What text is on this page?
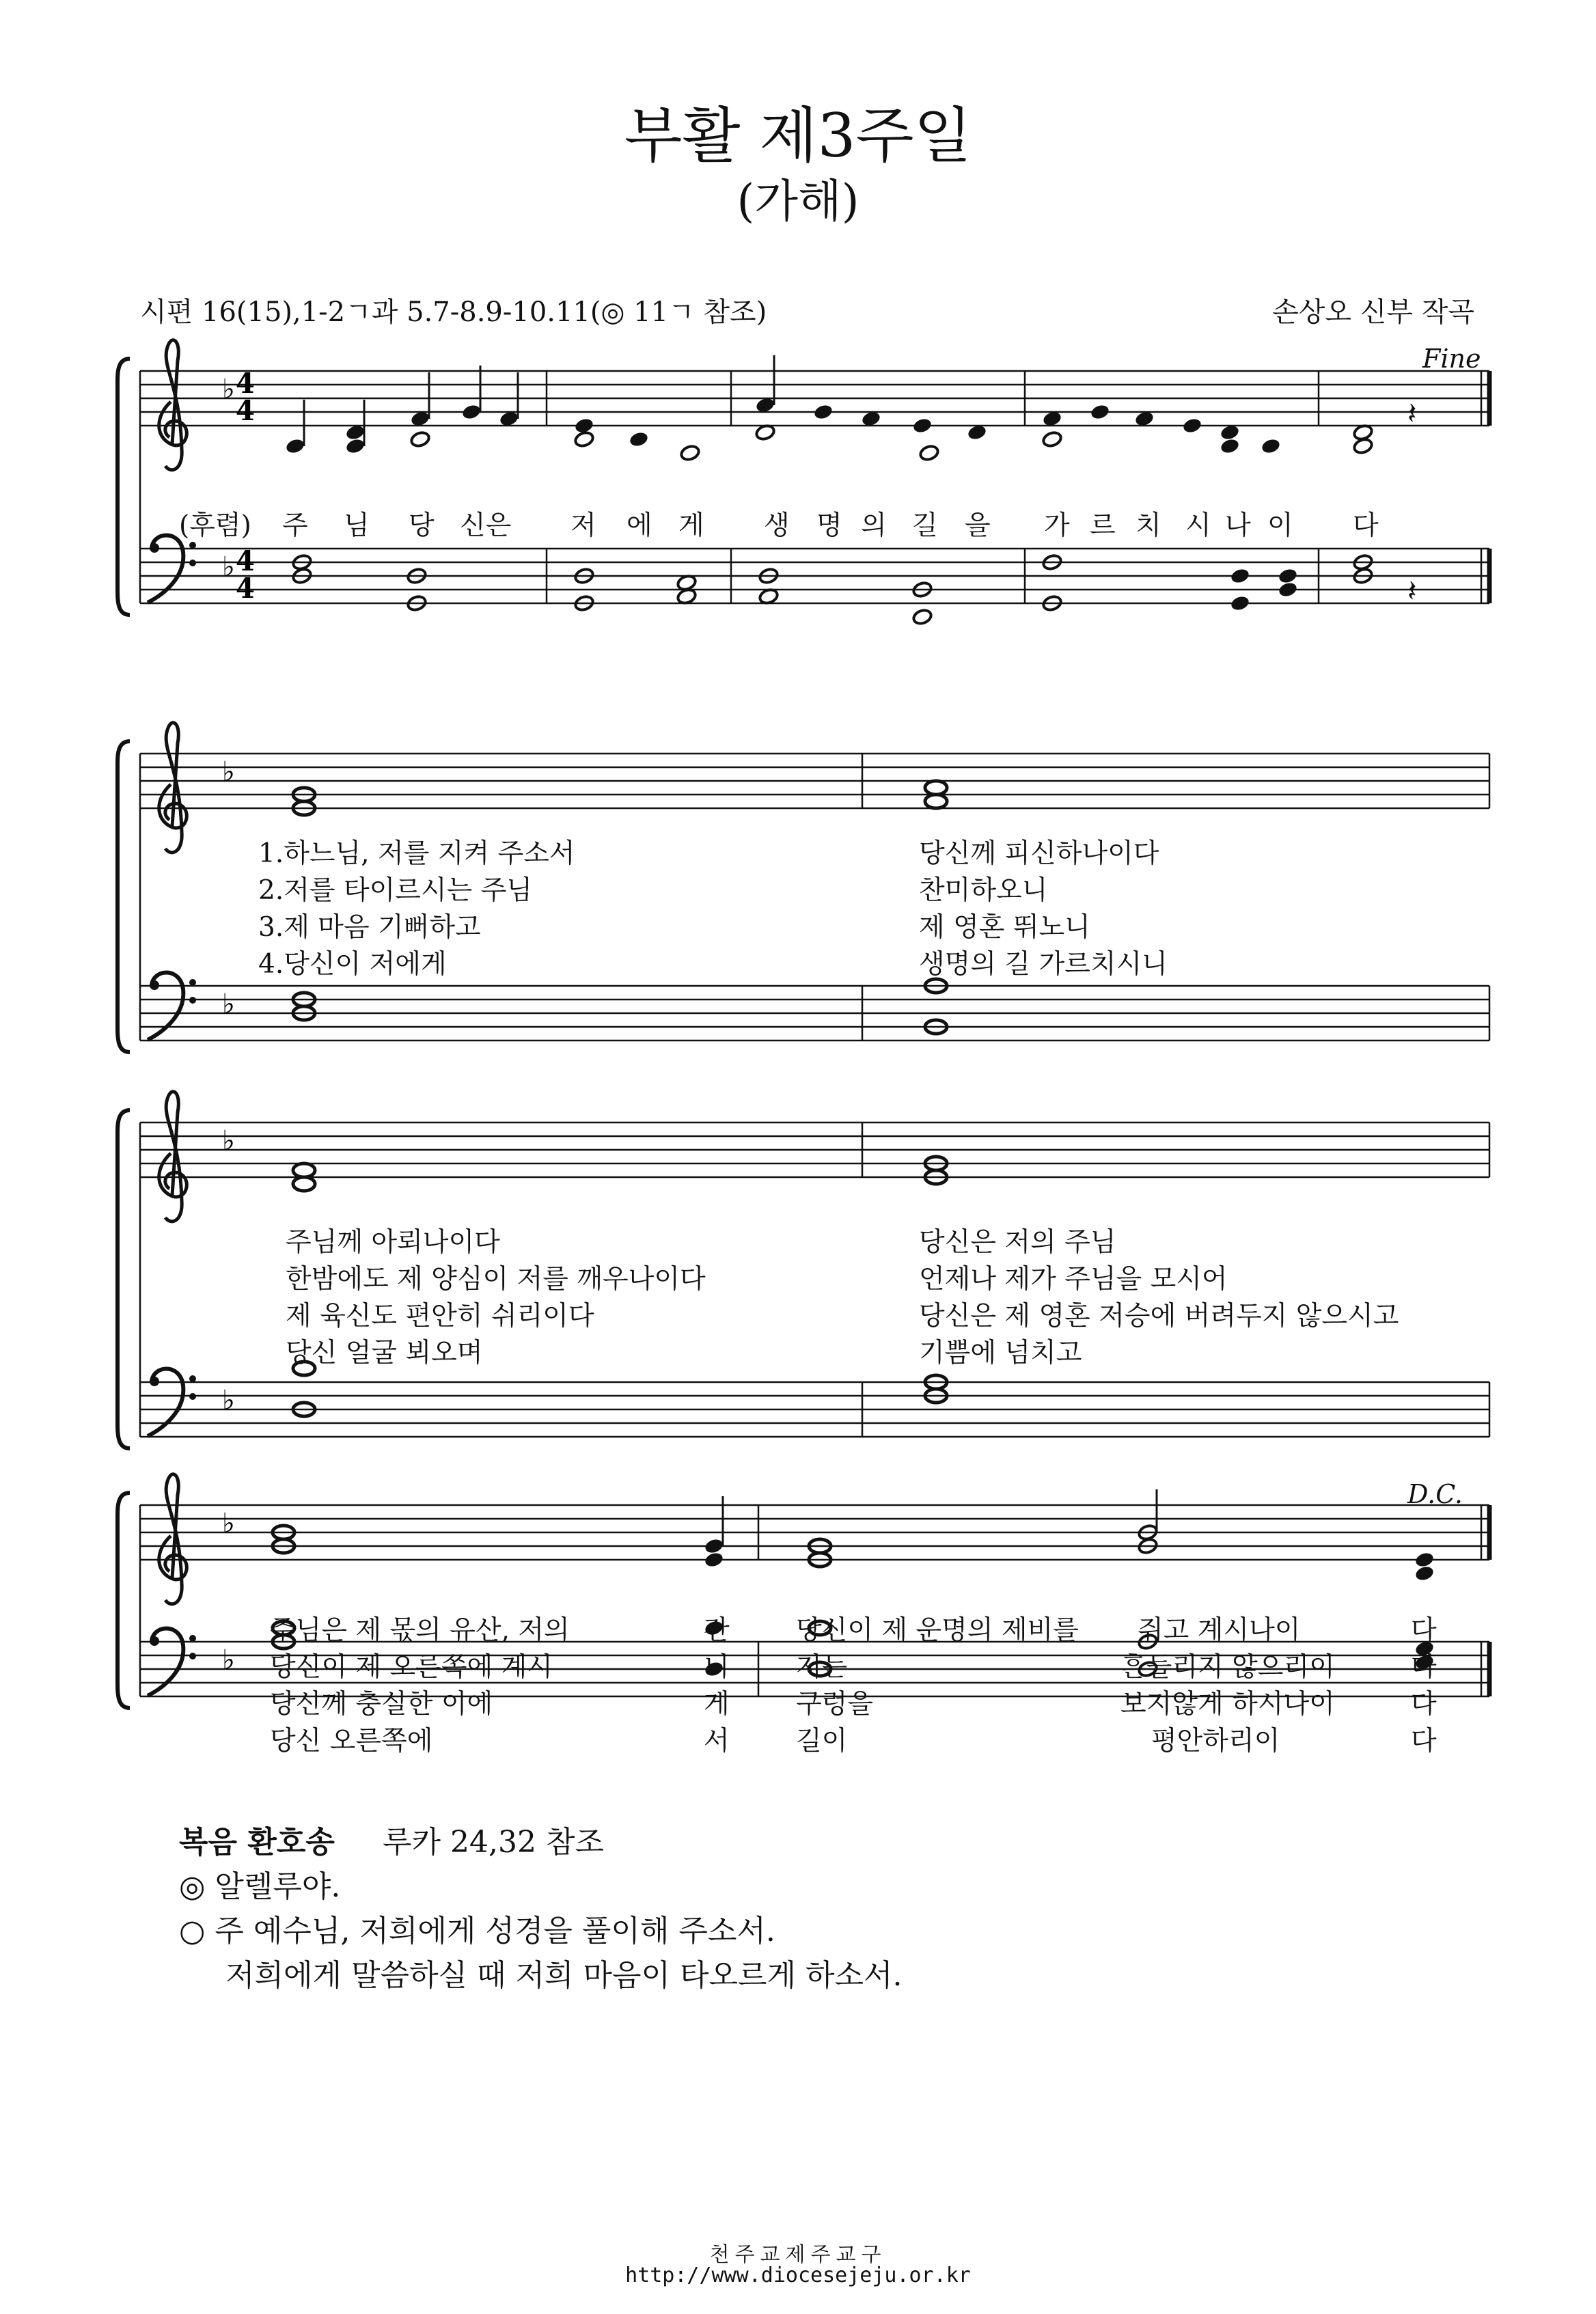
부활 제3주일
(가해)
시편 16(15),1-2ㄱ과 5.7-8.9-10.11(◎ 11ㄱ 참조)	손상오 신부 작곡
♭
♭
4
4
4
4
𝄽
𝄽
♭
♭
♭
♭
♭
♭
Fine
D.C.
(후렴) 주 님 당 신은 저 에 게 생 명 의 길 을 가 르 치 시 나 이 다
1.하느님, 저를 지켜 주소서
2.저를 타이르시는 주님
3.제 마음 기뻐하고
4.당신이 저에게
당신께 피신하나이다
찬미하오니
제 영혼 뛰노니
생명의 길 가르치시니
주님께 아뢰나이다
한밤에도 제 양심이 저를 깨우나이다
제 육신도 편안히 쉬리이다
당신 얼굴 뵈오며
당신은 저의 주님
언제나 제가 주님을 모시어
당신은 제 영혼 저승에 버려두지 않으시고
기쁨에 넘치고
주님은 제 몫의 유산, 저의
당신이 제 오른쪽에 계시
당신께 충실한 이에
당신 오른쪽에
잔
니
게
서
당신이 제 운명의 제비를
저는
구렁을
길이
쥐고 계시나이
흔들리지 않으리이
보지않게 하시나이
평안하리이
다
다
다
다
복음 환호송 루카 24,32 참조
◎ 알렐루야.
○ 주 예수님, 저희에게 성경을 풀이해 주소서.
저희에게 말씀하실 때 저희 마음이 타오르게 하소서.
천주교제주교구
http://www.diocesejeju.or.kr
